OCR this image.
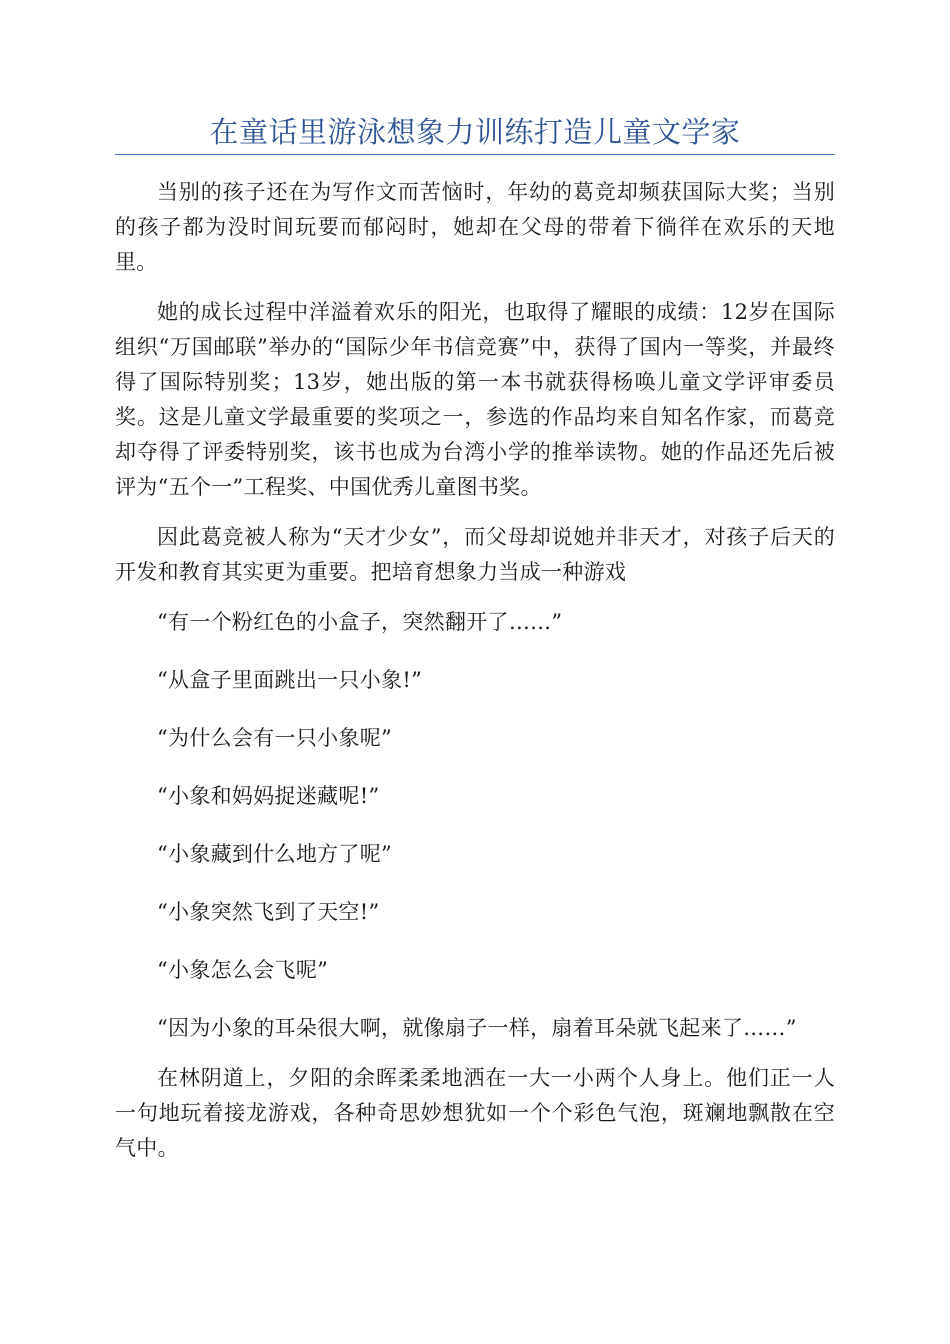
在童话里游泳想象力训练打造儿童文学家

当别的孩子还在为写作文而苦恼时，年幼的葛竞却频获国际大奖；当别的孩子都为没时间玩要而郁闷时，她却在父母的带着下徜徉在欢乐的天地里。

她的成长过程中洋溢着欢乐的阳光，也取得了耀眼的成绩：12岁在国际组织“万国邮联”举办的“国际少年书信竞赛”中，获得了国内一等奖，并最终得了国际特别奖；13岁，她出版的第一本书就获得杨唤儿童文学评审委员奖。这是儿童文学最重要的奖项之一，参选的作品均来自知名作家，而葛竞却夺得了评委特别奖，该书也成为台湾小学的推举读物。她的作品还先后被评为“五个一”工程奖、中国优秀儿童图书奖。

因此葛竞被人称为“天才少女”，而父母却说她并非天才，对孩子后天的开发和教育其实更为重要。把培育想象力当成一种游戏

“有一个粉红色的小盒子，突然翻开了……”

“从盒子里面跳出一只小象!”

“为什么会有一只小象呢”

“小象和妈妈捉迷藏呢!”

“小象藏到什么地方了呢”

“小象突然飞到了天空!”

“小象怎么会飞呢”

“因为小象的耳朵很大啊，就像扇子一样，扇着耳朵就飞起来了……”

在林阴道上，夕阳的余晖柔柔地洒在一大一小两个人身上。他们正一人一句地玩着接龙游戏，各种奇思妙想犹如一个个彩色气泡，斑斓地飘散在空气中。
